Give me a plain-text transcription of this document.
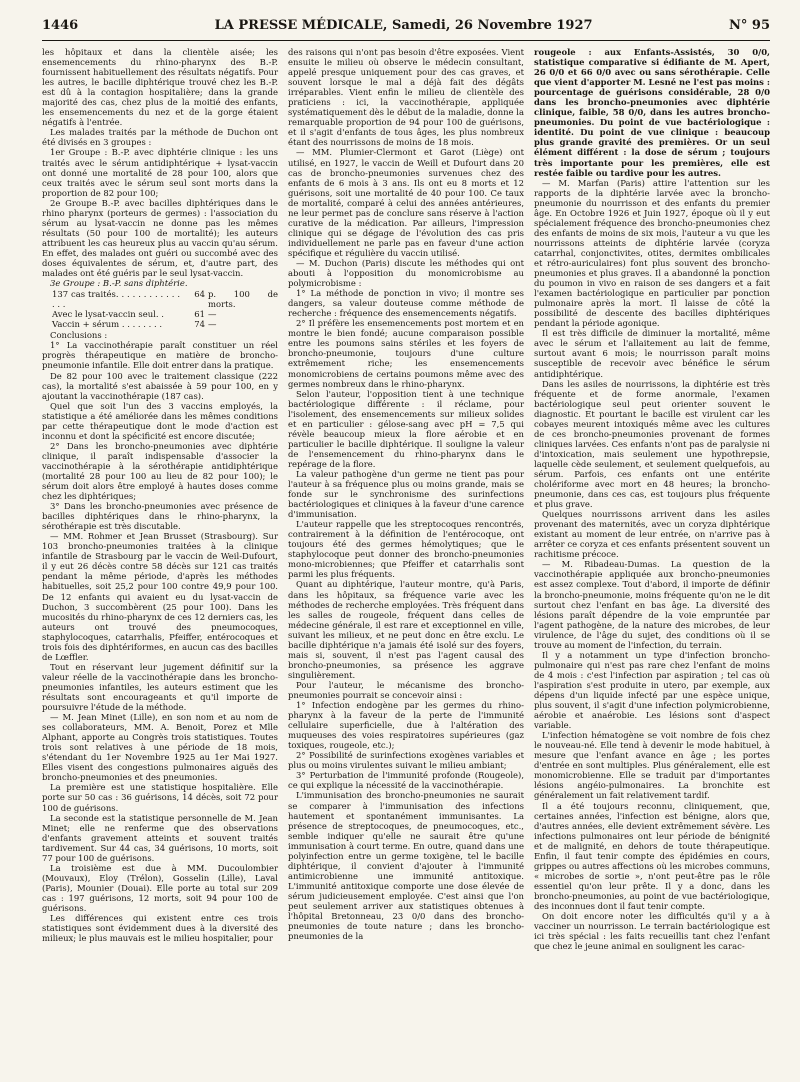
1446	LA PRESSE MÉDICALE, Samedi, 26 Novembre 1927	N° 95

les hôpitaux et dans la clientèle aisée; les ensemencements du rhino-pharynx des B.-P. fournissent habituellement des résultats négatifs. Pour les autres, le bacille diphtérique trouvé chez les B.-P. est dû à la contagion hospitalière; dans la grande majorité des cas, chez plus de la moitié des enfants, les ensemencements du nez et de la gorge étaient négatifs à l'entrée.

Les malades traités par la méthode de Duchon ont été divisés en 3 groupes :

1er Groupe : B.-P. avec diphtérie clinique : les uns traités avec le sérum antidiphtérique + lysat-vaccin ont donné une mortalité de 28 pour 100, alors que ceux traités avec le sérum seul sont morts dans la proportion de 82 pour 100;

2e Groupe B.-P. avec bacilles diphtériques dans le rhino pharynx (porteurs de germes) : l'association du sérum au lysat-vaccin ne donne pas les mêmes résultats (50 pour 100 de mortalité); les auteurs attribuent les cas heureux plus au vaccin qu'au sérum. En effet, des malades ont guéri ou succombé avec des doses équivalentes de sérum, et, d'autre part, des malades ont été guéris par le seul lysat-vaccin.

3e Groupe : B.-P. sans diphtérie.

137 cas traités. . . . . . . . . . . . . . .
64 p. 100 de morts.
Avec le lysat-vaccin seul. .	61 —
Vaccin + sérum . . . . . . . .	74 —

Conclusions :

1° La vaccinothérapie paraît constituer un réel progrès thérapeutique en matière de broncho-pneumonie infantile. Elle doit entrer dans la pratique.

De 82 pour 100 avec le traitement classique (222 cas), la mortalité s'est abaissée à 59 pour 100, en y ajoutant la vaccinothérapie (187 cas).

Quel que soit l'un des 3 vaccins employés, la statistique a été améliorée dans les mêmes conditions par cette thérapeutique dont le mode d'action est inconnu et dont la spécificité est encore discutée;

2° Dans les broncho-pneumonies avec diphtérie clinique, il paraît indispensable d'associer la vaccinothérapie à la sérothérapie antidiphtérique (mortalité 28 pour 100 au lieu de 82 pour 100); le sérum doit alors être employé à hautes doses comme chez les diphtériques;

3° Dans les broncho-pneumonies avec présence de bacilles diphtériques dans le rhino-pharynx, la sérothérapie est très discutable.

— MM. Rohmer et Jean Brusset (Strasbourg). Sur 103 broncho-pneumonies traitées à la clinique infantile de Strasbourg par le vaccin de Weil-Dufourt, il y eut 26 décès contre 58 décès sur 121 cas traités pendant la même période, d'après les méthodes habituelles, soit 25,2 pour 100 contre 49,9 pour 100. De 12 enfants qui avaient eu du lysat-vaccin de Duchon, 3 succombèrent (25 pour 100). Dans les mucosités du rhino-pharynx de ces 12 derniers cas, les auteurs ont trouvé des pneumocoques, staphylocoques, catarrhalis, Pfeiffer, entérocoques et trois fois des diphtériformes, en aucun cas des bacilles de Lœffler.

Tout en réservant leur jugement définitif sur la valeur réelle de la vaccinothérapie dans les broncho-pneumonies infantiles, les auteurs estiment que les résultats sont encourageants et qu'il importe de poursuivre l'étude de la méthode.

— M. Jean Minet (Lille), en son nom et au nom de ses collaborateurs, MM. A. Benoit, Porez et Mlle Alphant, apporte au Congrès trois statistiques. Toutes trois sont relatives à une période de 18 mois, s'étendant du 1er Novembre 1925 au 1er Mai 1927. Elles visent des congestions pulmonaires aiguës des broncho-pneumonies et des pneumonies.

La première est une statistique hospitalière. Elle porte sur 50 cas : 36 guérisons, 14 décès, soit 72 pour 100 de guérisons.

La seconde est la statistique personnelle de M. Jean Minet; elle ne renferme que des observations d'enfants gravement atteints et souvent traités tardivement. Sur 44 cas, 34 guérisons, 10 morts, soit 77 pour 100 de guérisons.

La troisième est due à MM. Ducoulombier (Mouvaux), Eloy (Trélon), Gosselin (Lille), Laval (Paris), Mounier (Douai). Elle porte au total sur 209 cas : 197 guérisons, 12 morts, soit 94 pour 100 de guérisons.

Les différences qui existent entre ces trois statistiques sont évidemment dues à la diversité des milieux; le plus mauvais est le milieu hospitalier, pour

des raisons qui n'ont pas besoin d'être exposées. Vient ensuite le milieu où observe le médecin consultant, appelé presque uniquement pour des cas graves, et souvent lorsque le mal a déjà fait des dégâts irréparables. Vient enfin le milieu de clientèle des praticiens : ici, la vaccinothérapie, appliquée systématiquement dès le début de la maladie, donne la remarquable proportion de 94 pour 100 de guérisons, et il s'agit d'enfants de tous âges, les plus nombreux étant des nourrissons de moins de 18 mois.

— MM. Plumier-Clermont et Garot (Liège) ont utilisé, en 1927, le vaccin de Weill et Dufourt dans 20 cas de broncho-pneumonies survenues chez des enfants de 6 mois à 3 ans. Ils ont eu 8 morts et 12 guérisons, soit une mortalité de 40 pour 100. Ce taux de mortalité, comparé à celui des années antérieures, ne leur permet pas de conclure sans réserve à l'action curative de la médication. Par ailleurs, l'impression clinique qui se dégage de l'évolution des cas pris individuellement ne parle pas en faveur d'une action spécifique et régulière du vaccin utilisé.

— M. Duchon (Paris) discute les méthodes qui ont abouti à l'opposition du monomicrobisme au polymicrobisme :

1° La méthode de ponction in vivo; il montre ses dangers, sa valeur douteuse comme méthode de recherche : fréquence des ensemencements négatifs.

2° Il préfère les ensemencements post mortem et en montre le bien fondé; aucune comparaison possible entre les poumons sains stériles et les foyers de broncho-pneumonie, toujours d'une culture extrêmement riche; les ensemencements monomicrobiens de certains poumons même avec des germes nombreux dans le rhino-pharynx.

Selon l'auteur, l'opposition tient à une technique bactériologique différente : il réclame, pour l'isolement, des ensemencements sur milieux solides et en particulier : gélose-sang avec pH = 7,5 qui révèle beaucoup mieux la flore aérobie et en particulier le bacille diphtérique. Il souligne la valeur de l'ensemencement du rhino-pharynx dans le repérage de la flore.

La valeur pathogène d'un germe ne tient pas pour l'auteur à sa fréquence plus ou moins grande, mais se fonde sur le synchronisme des surinfections bactériologiques et cliniques à la faveur d'une carence d'immunisation.

L'auteur rappelle que les streptocoques rencontrés, contrairement à la définition de l'entérocoque, ont toujours été des germes hémolytiques; que le staphylocoque peut donner des broncho-pneumonies mono-microbiennes; que Pfeiffer et catarrhalis sont parmi les plus fréquents.

Quant au diphtérique, l'auteur montre, qu'à Paris, dans les hôpitaux, sa fréquence varie avec les méthodes de recherche employées. Très fréquent dans les salles de rougeole, fréquent dans celles de médecine générale, il est rare et exceptionnel en ville, suivant les milieux, et ne peut donc en être exclu. Le bacille diphtérique n'a jamais été isolé sur des foyers, mais si, souvent, il n'est pas l'agent causal des broncho-pneumonies, sa présence les aggrave singulièrement.

Pour l'auteur, le mécanisme des broncho-pneumonies pourrait se concevoir ainsi :

1° Infection endogène par les germes du rhino-pharynx à la faveur de la perte de l'immunité cellulaire superficielle, due à l'altération des muqueuses des voies respiratoires supérieures (gaz toxiques, rougeole, etc.);

2° Possibilité de surinfections exogènes variables et plus ou moins virulentes suivant le milieu ambiant;

3° Perturbation de l'immunité profonde (Rougeole), ce qui explique la nécessité de la vaccinothérapie.

L'immunisation des broncho-pneumonies ne saurait se comparer à l'immunisation des infections hautement et spontanément immunisantes. La présence de streptocoques, de pneumocoques, etc., semble indiquer qu'elle ne saurait être qu'une immunisation à court terme. En outre, quand dans une polyinfection entre un germe toxigène, tel le bacille diphtérique, il convient d'ajouter à l'immunité antimicrobienne une immunité antitoxique. L'immunité antitoxique comporte une dose élevée de sérum judicieusement employée. C'est ainsi que l'on peut seulement arriver aux statistiques obtenues à l'hôpital Bretonneau, 23 0/0 dans des broncho-pneumonies de toute nature ; dans les broncho-pneumonies de la

rougeole : aux Enfants-Assistés, 30 0/0, statistique comparative si édifiante de M. Apert, 26 0/0 et 66 0/0 avec ou sans sérothérapie. Celle que vient d'apporter M. Lesné ne l'est pas moins : pourcentage de guérisons considérable, 28 0/0 dans les broncho-pneumonies avec diphtérie clinique, faible, 58 0/0, dans les autres broncho-pneumonies. Du point de vue bactériologique : identité. Du point de vue clinique : beaucoup plus grande gravité des premières. Or un seul élément différent : la dose de sérum ; toujours très importante pour les premières, elle est restée faible ou tardive pour les autres.

— M. Marfan (Paris) attire l'attention sur les rapports de la diphtérie larvée avec la broncho-pneumonie du nourrisson et des enfants du premier âge. En Octobre 1926 et Juin 1927, époque où il y eut spécialement fréquence des broncho-pneumonies chez des enfants de moins de six mois, l'auteur a vu que les nourrissons atteints de diphtérie larvée (coryza catarrhal, conjonctivites, otites, dermites ombilicales et rétro-auriculaires) font plus souvent des broncho-pneumonies et plus graves. Il a abandonné la ponction du poumon in vivo en raison de ses dangers et a fait l'examen bactériologique en particulier par ponction pulmonaire après la mort. Il laisse de côté la possibilité de descente des bacilles diphtériques pendant la période agonique.

Il est très difficile de diminuer la mortalité, même avec le sérum et l'allaitement au lait de femme, surtout avant 6 mois; le nourrisson paraît moins susceptible de recevoir avec bénéfice le sérum antidiphtérique.

Dans les asiles de nourrissons, la diphtérie est très fréquente et de forme anormale, l'examen bactériologique seul peut orienter souvent le diagnostic. Et pourtant le bacille est virulent car les cobayes meurent intoxiqués même avec les cultures de ces broncho-pneumonies provenant de formes cliniques larvées. Ces enfants n'ont pas de paralysie ni d'intoxication, mais seulement une hypothrepsie, laquelle cède seulement, et seulement quelquefois, au sérum. Parfois, ces enfants ont une entérite cholériforme avec mort en 48 heures; la broncho-pneumonie, dans ces cas, est toujours plus fréquente et plus grave.

Quelques nourrissons arrivent dans les asiles provenant des maternités, avec un coryza diphtérique existant au moment de leur entrée, on n'arrive pas à arrêter ce coryza et ces enfants présentent souvent un rachitisme précoce.

— M. Ribadeau-Dumas. La question de la vaccinothérapie appliquée aux broncho-pneumonies est assez complexe. Tout d'abord, il importe de définir la broncho-pneumonie, moins fréquente qu'on ne le dit surtout chez l'enfant en bas âge. La diversité des lésions paraît dépendre de la voie empruntée par l'agent pathogène, de la nature des microbes, de leur virulence, de l'âge du sujet, des conditions où il se trouve au moment de l'infection, du terrain.

Il y a notamment un type d'infection broncho-pulmonaire qui n'est pas rare chez l'enfant de moins de 4 mois : c'est l'infection par aspiration ; tel cas où l'aspiration s'est produite in utero, par exemple, aux dépens d'un liquide infecté par une espèce unique, plus souvent, il s'agit d'une infection polymicrobienne, aérobie et anaérobie. Les lésions sont d'aspect variable.

L'infection hématogène se voit nombre de fois chez le nouveau-né. Elle tend à devenir le mode habituel, à mesure que l'enfant avance en âge ; les portes d'entrée en sont multiples. Plus généralement, elle est monomicrobienne. Elle se traduit par d'importantes lésions angéio-pulmonaires. La bronchite est généralement un fait relativement tardif.

Il a été toujours reconnu, cliniquement, que, certaines années, l'infection est bénigne, alors que, d'autres années, elle devient extrêmement sévère. Les infections pulmonaires ont leur période de bénignité et de malignité, en dehors de toute thérapeutique. Enfin, il faut tenir compte des épidémies en cours, grippes ou autres affections où les microbes communs, « microbes de sortie », n'ont peut-être pas le rôle essentiel qu'on leur prête. Il y a donc, dans les broncho-pneumonies, au point de vue bactériologique, des inconnues dont il faut tenir compte.

On doit encore noter les difficultés qu'il y a à vacciner un nourrisson. Le terrain bactériologique est ici très spécial : les faits recueillis tant chez l'enfant que chez le jeune animal en soulignent les carac-
